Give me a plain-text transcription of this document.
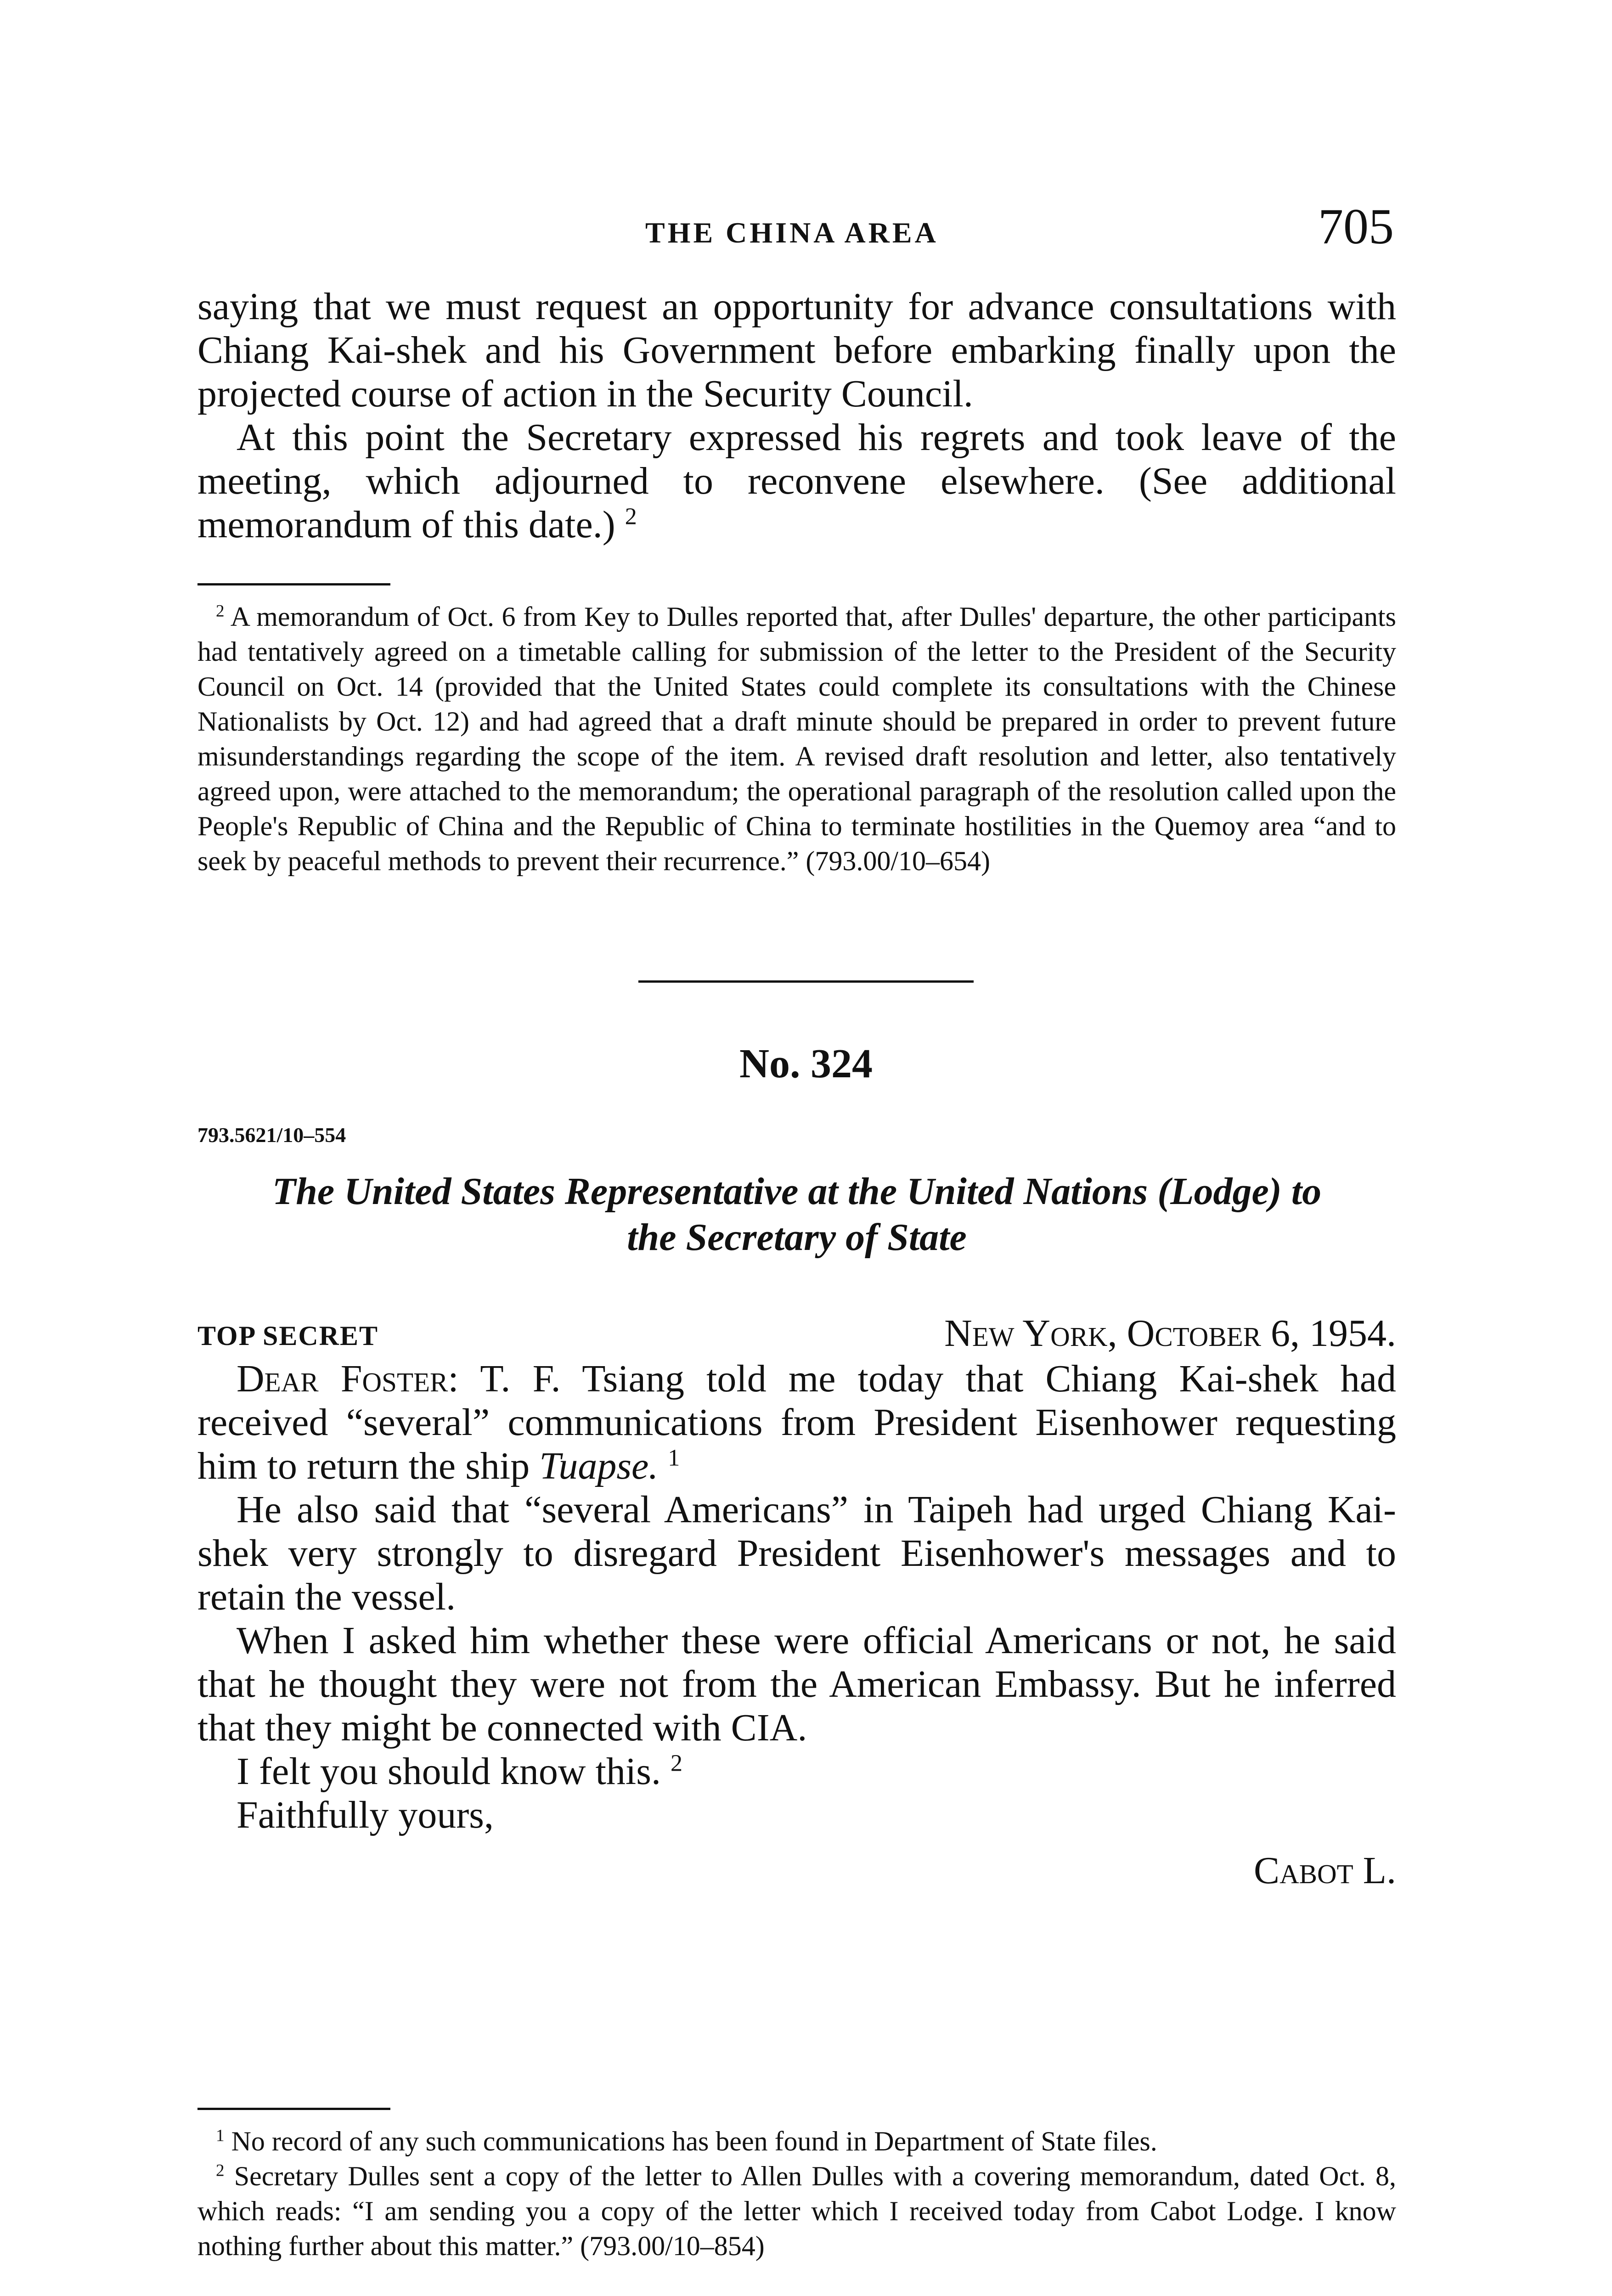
THE CHINA AREA	705

saying that we must request an opportunity for advance consultations with Chiang Kai-shek and his Government before embarking finally upon the projected course of action in the Security Council.

At this point the Secretary expressed his regrets and took leave of the meeting, which adjourned to reconvene elsewhere. (See additional memorandum of this date.) $^2$

$^2$ A memorandum of Oct. 6 from Key to Dulles reported that, after Dulles' departure, the other participants had tentatively agreed on a timetable calling for submission of the letter to the President of the Security Council on Oct. 14 (provided that the United States could complete its consultations with the Chinese Nationalists by Oct. 12) and had agreed that a draft minute should be prepared in order to prevent future misunderstandings regarding the scope of the item. A revised draft resolution and letter, also tentatively agreed upon, were attached to the memorandum; the operational paragraph of the resolution called upon the People's Republic of China and the Republic of China to terminate hostilities in the Quemoy area “and to seek by peaceful methods to prevent their recurrence.” (793.00/10–654)

No. 324
793.5621/10–554
The United States Representative at the United Nations (Lodge) to
the Secretary of State
TOP SECRET	New York, October 6, 1954.

Dear Foster: T. F. Tsiang told me today that Chiang Kai-shek had received “several” communications from President Eisenhower requesting him to return the ship Tuapse. $^1$

He also said that “several Americans” in Taipeh had urged Chiang Kai-shek very strongly to disregard President Eisenhower's messages and to retain the vessel.

When I asked him whether these were official Americans or not, he said that he thought they were not from the American Embassy. But he inferred that they might be connected with CIA.

I felt you should know this. $^2$

Faithfully yours,

Cabot L.

$^1$ No record of any such communications has been found in Department of State files.

$^2$ Secretary Dulles sent a copy of the letter to Allen Dulles with a covering memorandum, dated Oct. 8, which reads: “I am sending you a copy of the letter which I received today from Cabot Lodge. I know nothing further about this matter.” (793.00/10–854)
